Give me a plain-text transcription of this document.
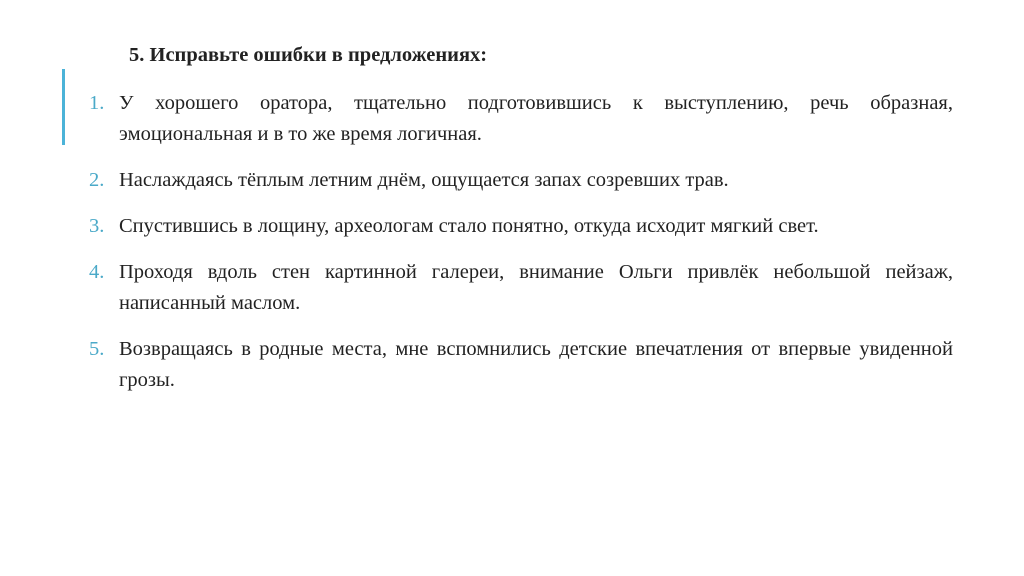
5. Исправьте ошибки в предложениях:
1. У хорошего оратора, тщательно подготовившись к выступлению, речь образная, эмоциональная и в то же время логичная.
2. Наслаждаясь тёплым летним днём, ощущается запах созревших трав.
3. Спустившись в лощину, археологам стало понятно, откуда исходит мягкий свет.
4. Проходя вдоль стен картинной галереи, внимание Ольги привлёк небольшой пейзаж, написанный маслом.
5. Возвращаясь в родные места, мне вспомнились детские впечатления от впервые увиденной грозы.
